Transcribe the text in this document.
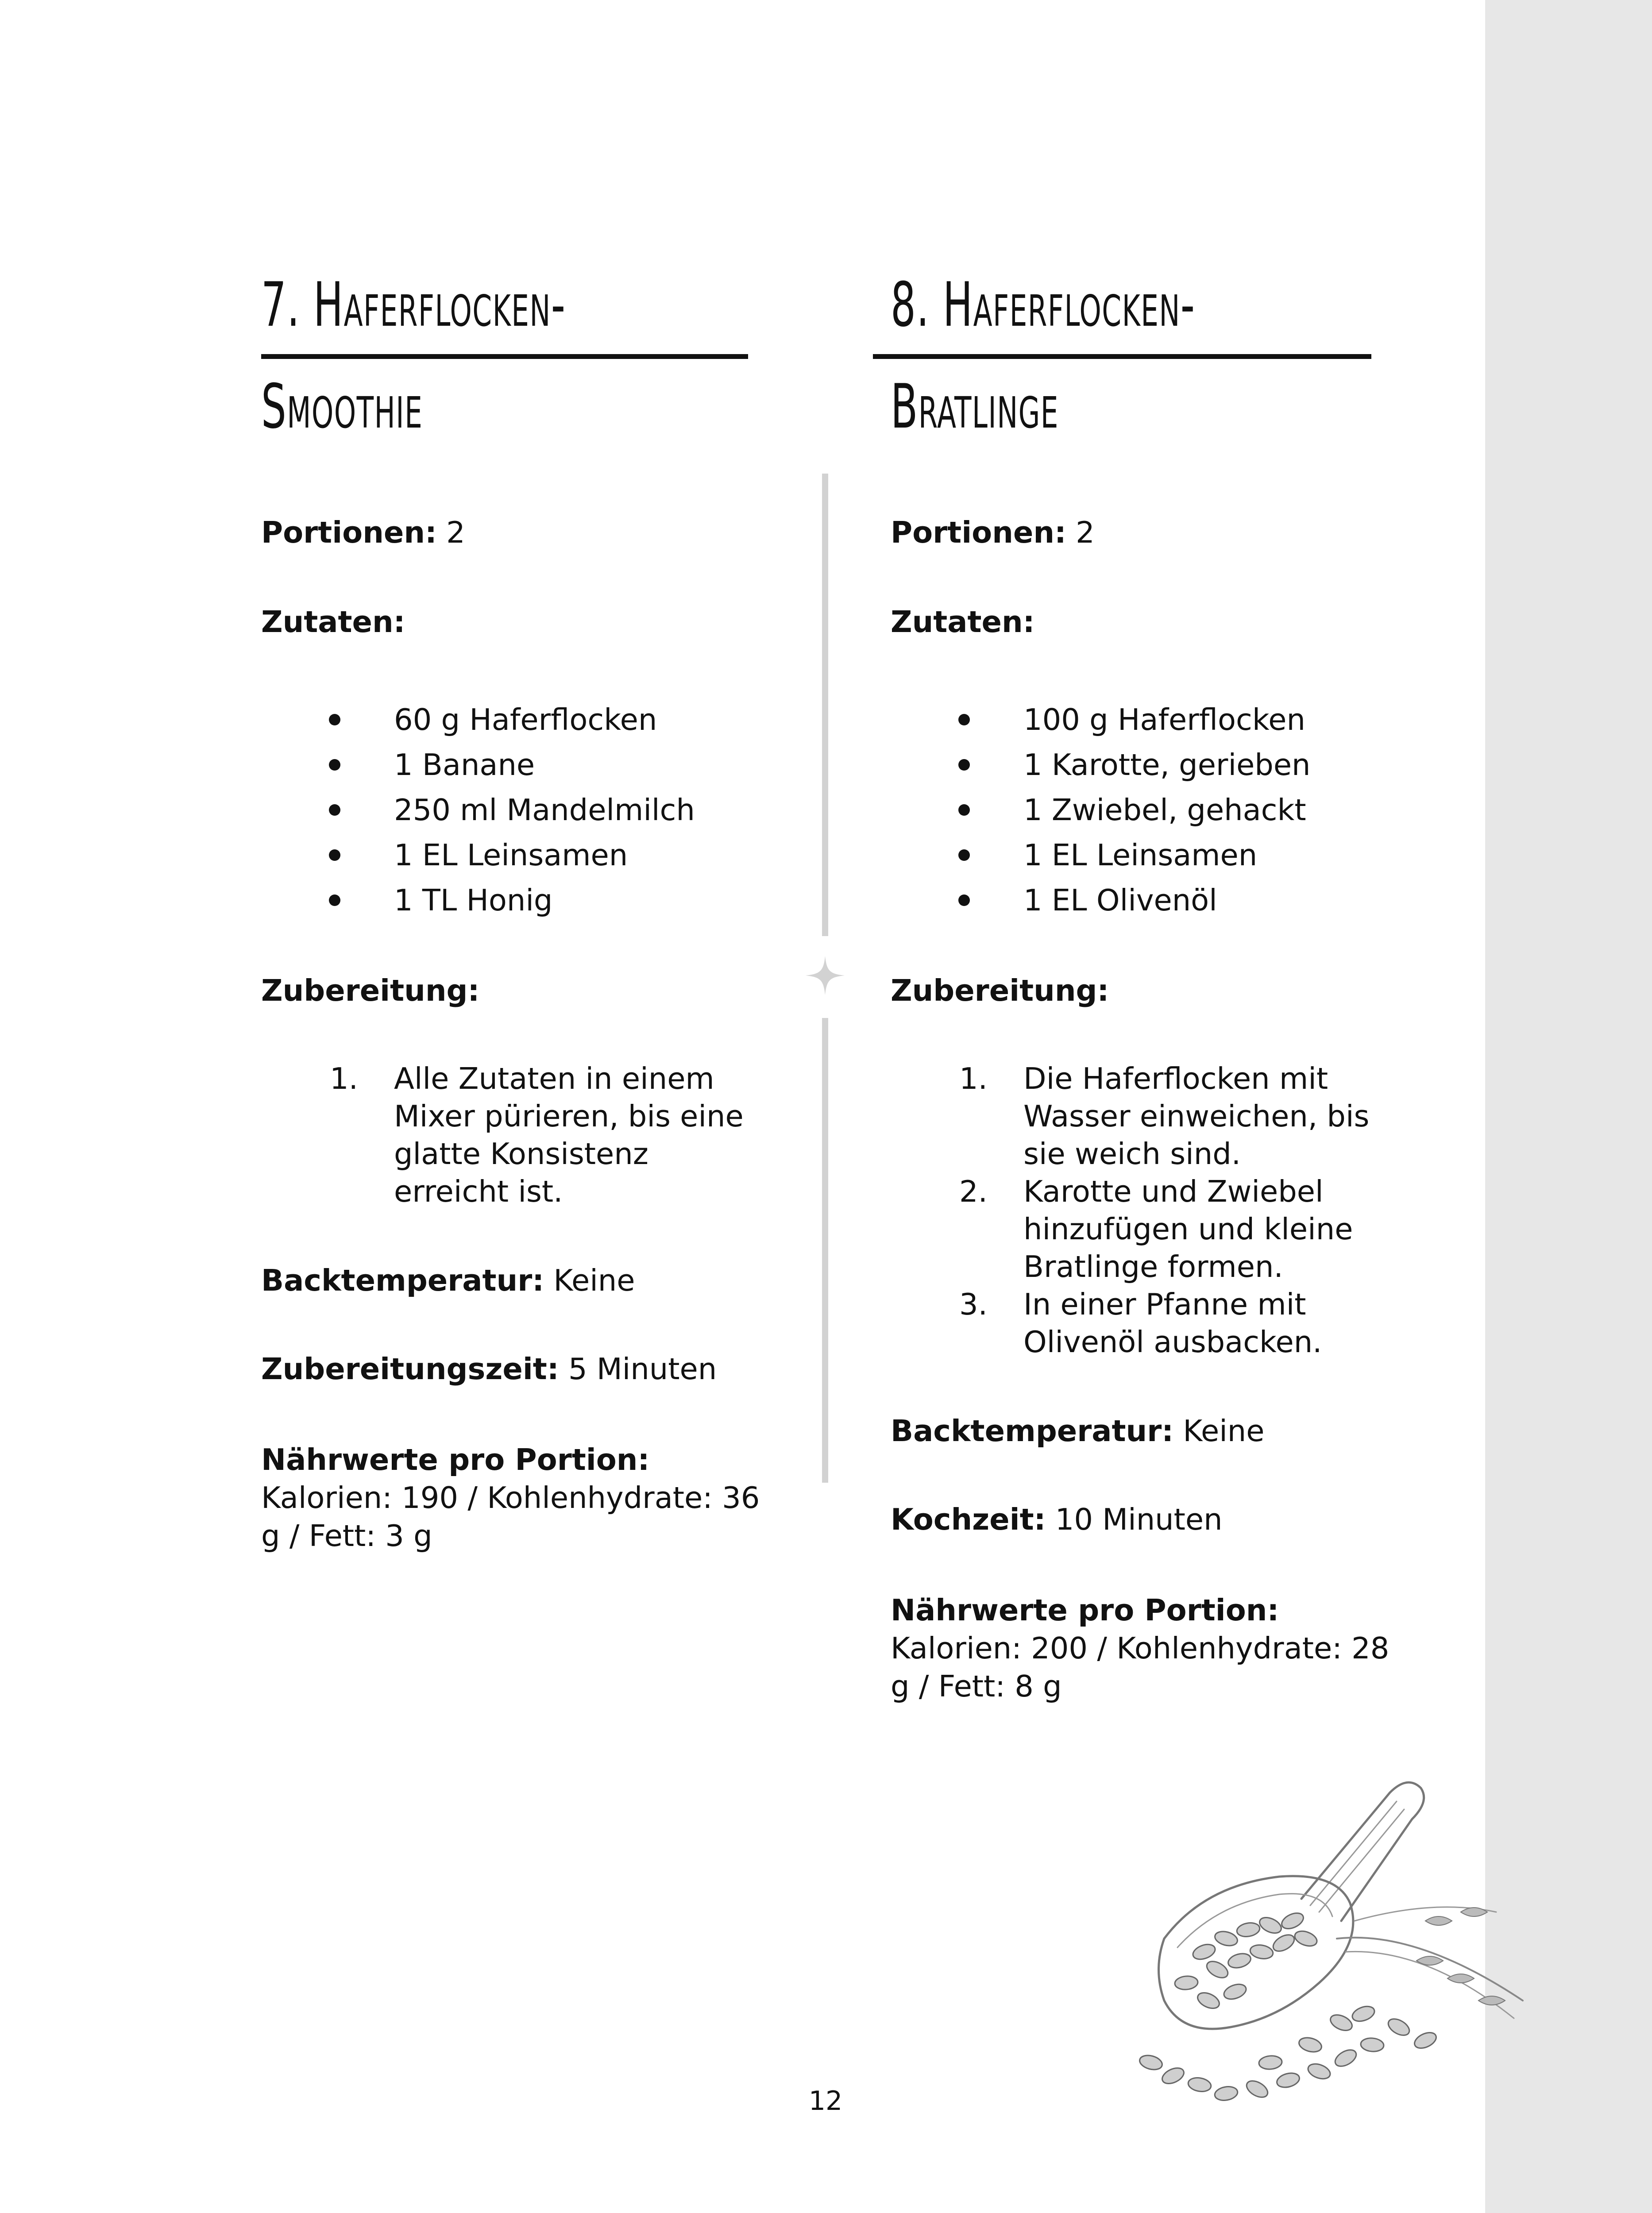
7. Haferflocken-
Smoothie

Portionen: 2

Zutaten:

60 g Haferflocken
1 Banane
250 ml Mandelmilch
1 EL Leinsamen
1 TL Honig

Zubereitung:

1. Alle Zutaten in einem Mixer pürieren, bis eine glatte Konsistenz erreicht ist.

Backtemperatur: Keine

Zubereitungszeit: 5 Minuten

Nährwerte pro Portion:
Kalorien: 190 / Kohlenhydrate: 36 g / Fett: 3 g

8. Haferflocken-
Bratlinge

Portionen: 2

Zutaten:

100 g Haferflocken
1 Karotte, gerieben
1 Zwiebel, gehackt
1 EL Leinsamen
1 EL Olivenöl

Zubereitung:

1. Die Haferflocken mit Wasser einweichen, bis sie weich sind.
2. Karotte und Zwiebel hinzufügen und kleine Bratlinge formen.
3. In einer Pfanne mit Olivenöl ausbacken.

Backtemperatur: Keine

Kochzeit: 10 Minuten

Nährwerte pro Portion:
Kalorien: 200 / Kohlenhydrate: 28 g / Fett: 8 g

12
